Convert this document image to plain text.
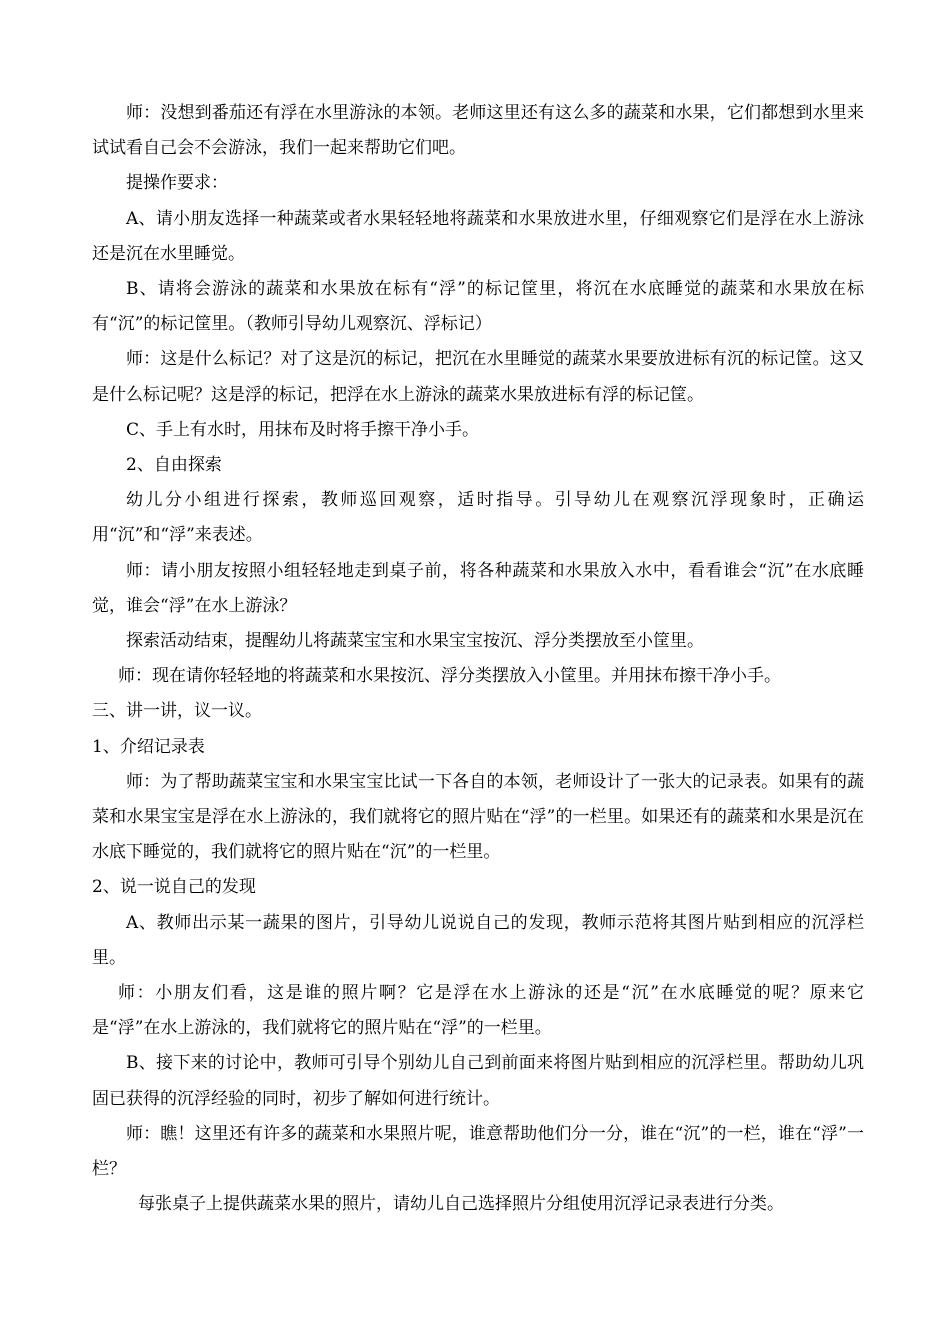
师：没想到番茄还有浮在水里游泳的本领。老师这里还有这么多的蔬菜和水果，它们都想到水里来试试看自己会不会游泳，我们一起来帮助它们吧。

提操作要求：

A、请小朋友选择一种蔬菜或者水果轻轻地将蔬菜和水果放进水里，仔细观察它们是浮在水上游泳还是沉在水里睡觉。

B、请将会游泳的蔬菜和水果放在标有“浮”的标记筐里，将沉在水底睡觉的蔬菜和水果放在标有“沉”的标记筐里。（教师引导幼儿观察沉、浮标记）

师：这是什么标记？对了这是沉的标记，把沉在水里睡觉的蔬菜水果要放进标有沉的标记筐。这又是什么标记呢？这是浮的标记，把浮在水上游泳的蔬菜水果放进标有浮的标记筐。

C、手上有水时，用抹布及时将手擦干净小手。

2、自由探索

幼儿分小组进行探索，教师巡回观察，适时指导。引导幼儿在观察沉浮现象时，正确运用“沉”和“浮”来表述。

师：请小朋友按照小组轻轻地走到桌子前，将各种蔬菜和水果放入水中，看看谁会“沉”在水底睡觉，谁会“浮”在水上游泳？

探索活动结束，提醒幼儿将蔬菜宝宝和水果宝宝按沉、浮分类摆放至小筐里。

师：现在请你轻轻地的将蔬菜和水果按沉、浮分类摆放入小筐里。并用抹布擦干净小手。

三、讲一讲，议一议。

1、介绍记录表

师：为了帮助蔬菜宝宝和水果宝宝比试一下各自的本领，老师设计了一张大的记录表。如果有的蔬菜和水果宝宝是浮在水上游泳的，我们就将它的照片贴在“浮”的一栏里。如果还有的蔬菜和水果是沉在水底下睡觉的，我们就将它的照片贴在“沉”的一栏里。

2、说一说自己的发现

A、教师出示某一蔬果的图片，引导幼儿说说自己的发现，教师示范将其图片贴到相应的沉浮栏里。

师：小朋友们看，这是谁的照片啊？它是浮在水上游泳的还是“沉”在水底睡觉的呢？原来它是“浮”在水上游泳的，我们就将它的照片贴在“浮”的一栏里。

B、接下来的讨论中，教师可引导个别幼儿自己到前面来将图片贴到相应的沉浮栏里。帮助幼儿巩固已获得的沉浮经验的同时，初步了解如何进行统计。

师：瞧！这里还有许多的蔬菜和水果照片呢，谁意帮助他们分一分，谁在“沉”的一栏，谁在“浮”一栏？

每张桌子上提供蔬菜水果的照片，请幼儿自己选择照片分组使用沉浮记录表进行分类。
